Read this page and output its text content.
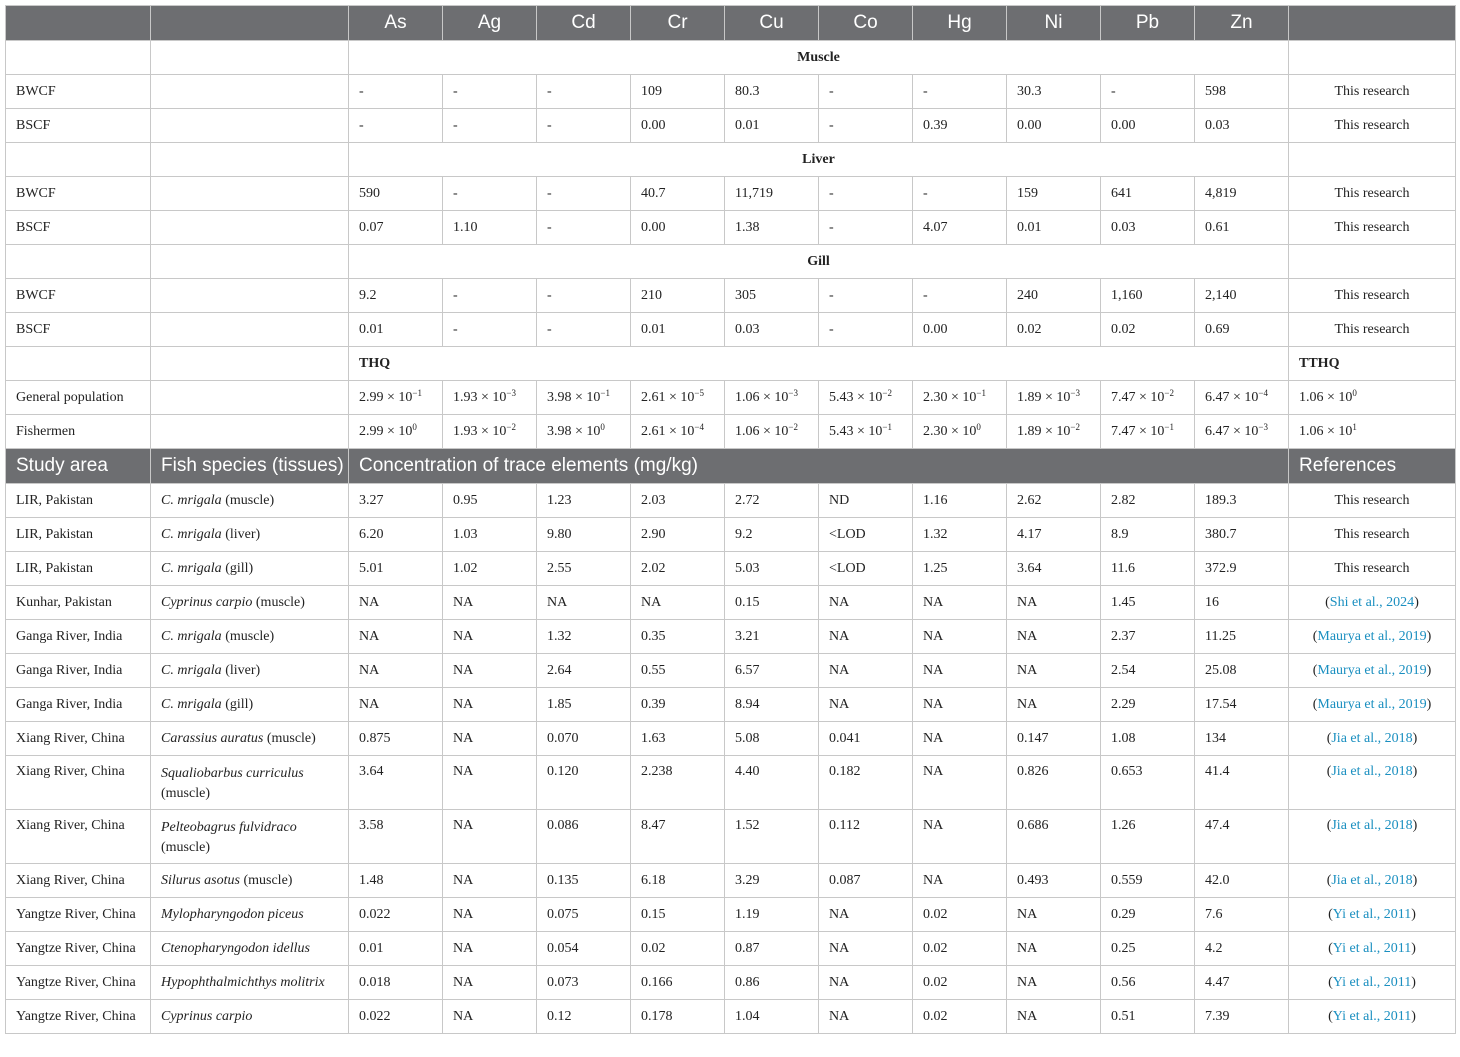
		As	Ag	Cd	Cr	Cu	Co	Hg	Ni	Pb	Zn	
		Muscle										
BWCF		-	-	-	109	80.3	-	-	30.3	-	598	This research
BSCF		-	-	-	0.00	0.01	-	0.39	0.00	0.00	0.03	This research
		Liver										
BWCF		590	-	-	40.7	11,719	-	-	159	641	4,819	This research
BSCF		0.07	1.10	-	0.00	1.38	-	4.07	0.01	0.03	0.61	This research
		Gill										
BWCF		9.2	-	-	210	305	-	-	240	1,160	2,140	This research
BSCF		0.01	-	-	0.01	0.03	-	0.00	0.02	0.02	0.69	This research
		THQ										TTHQ
General population		$2.99 \times 10^{-1}$	$1.93 \times 10^{-3}$	$3.98 \times 10^{-1}$	$2.61 \times 10^{-5}$	$1.06 \times 10^{-3}$	$5.43 \times 10^{-2}$	$2.30 \times 10^{-1}$	$1.89 \times 10^{-3}$	$7.47 \times 10^{-2}$	$6.47 \times 10^{-4}$	$1.06 \times 10^0$
Fishermen		$2.99 \times 10^0$	$1.93 \times 10^{-2}$	$3.98 \times 10^0$	$2.61 \times 10^{-4}$	$1.06 \times 10^{-2}$	$5.43 \times 10^{-1}$	$2.30 \times 10^0$	$1.89 \times 10^{-2}$	$7.47 \times 10^{-1}$	$6.47 \times 10^{-3}$	$1.06 \times 10^1$
Study area	Fish species (tissues)	Concentration of trace elements (mg/kg)										References
LIR, Pakistan	C. mrigala (muscle)	3.27	0.95	1.23	2.03	2.72	ND	1.16	2.62	2.82	189.3	This research
LIR, Pakistan	C. mrigala (liver)	6.20	1.03	9.80	2.90	9.2	<LOD	1.32	4.17	8.9	380.7	This research
LIR, Pakistan	C. mrigala (gill)	5.01	1.02	2.55	2.02	5.03	<LOD	1.25	3.64	11.6	372.9	This research
Kunhar, Pakistan	Cyprinus carpio (muscle)	NA	NA	NA	NA	0.15	NA	NA	NA	1.45	16	(Shi et al., 2024)
Ganga River, India	C. mrigala (muscle)	NA	NA	1.32	0.35	3.21	NA	NA	NA	2.37	11.25	(Maurya et al., 2019)
Ganga River, India	C. mrigala (liver)	NA	NA	2.64	0.55	6.57	NA	NA	NA	2.54	25.08	(Maurya et al., 2019)
Ganga River, India	C. mrigala (gill)	NA	NA	1.85	0.39	8.94	NA	NA	NA	2.29	17.54	(Maurya et al., 2019)
Xiang River, China	Carassius auratus (muscle)	0.875	NA	0.070	1.63	5.08	0.041	NA	0.147	1.08	134	(Jia et al., 2018)
Xiang River, China	Squaliobarbus curriculus (muscle)	3.64	NA	0.120	2.238	4.40	0.182	NA	0.826	0.653	41.4	(Jia et al., 2018)
Xiang River, China	Pelteobagrus fulvidraco (muscle)	3.58	NA	0.086	8.47	1.52	0.112	NA	0.686	1.26	47.4	(Jia et al., 2018)
Xiang River, China	Silurus asotus (muscle)	1.48	NA	0.135	6.18	3.29	0.087	NA	0.493	0.559	42.0	(Jia et al., 2018)
Yangtze River, China	Mylopharyngodon piceus	0.022	NA	0.075	0.15	1.19	NA	0.02	NA	0.29	7.6	(Yi et al., 2011)
Yangtze River, China	Ctenopharyngodon idellus	0.01	NA	0.054	0.02	0.87	NA	0.02	NA	0.25	4.2	(Yi et al., 2011)
Yangtze River, China	Hypophthalmichthys molitrix	0.018	NA	0.073	0.166	0.86	NA	0.02	NA	0.56	4.47	(Yi et al., 2011)
Yangtze River, China	Cyprinus carpio	0.022	NA	0.12	0.178	1.04	NA	0.02	NA	0.51	7.39	(Yi et al., 2011)
